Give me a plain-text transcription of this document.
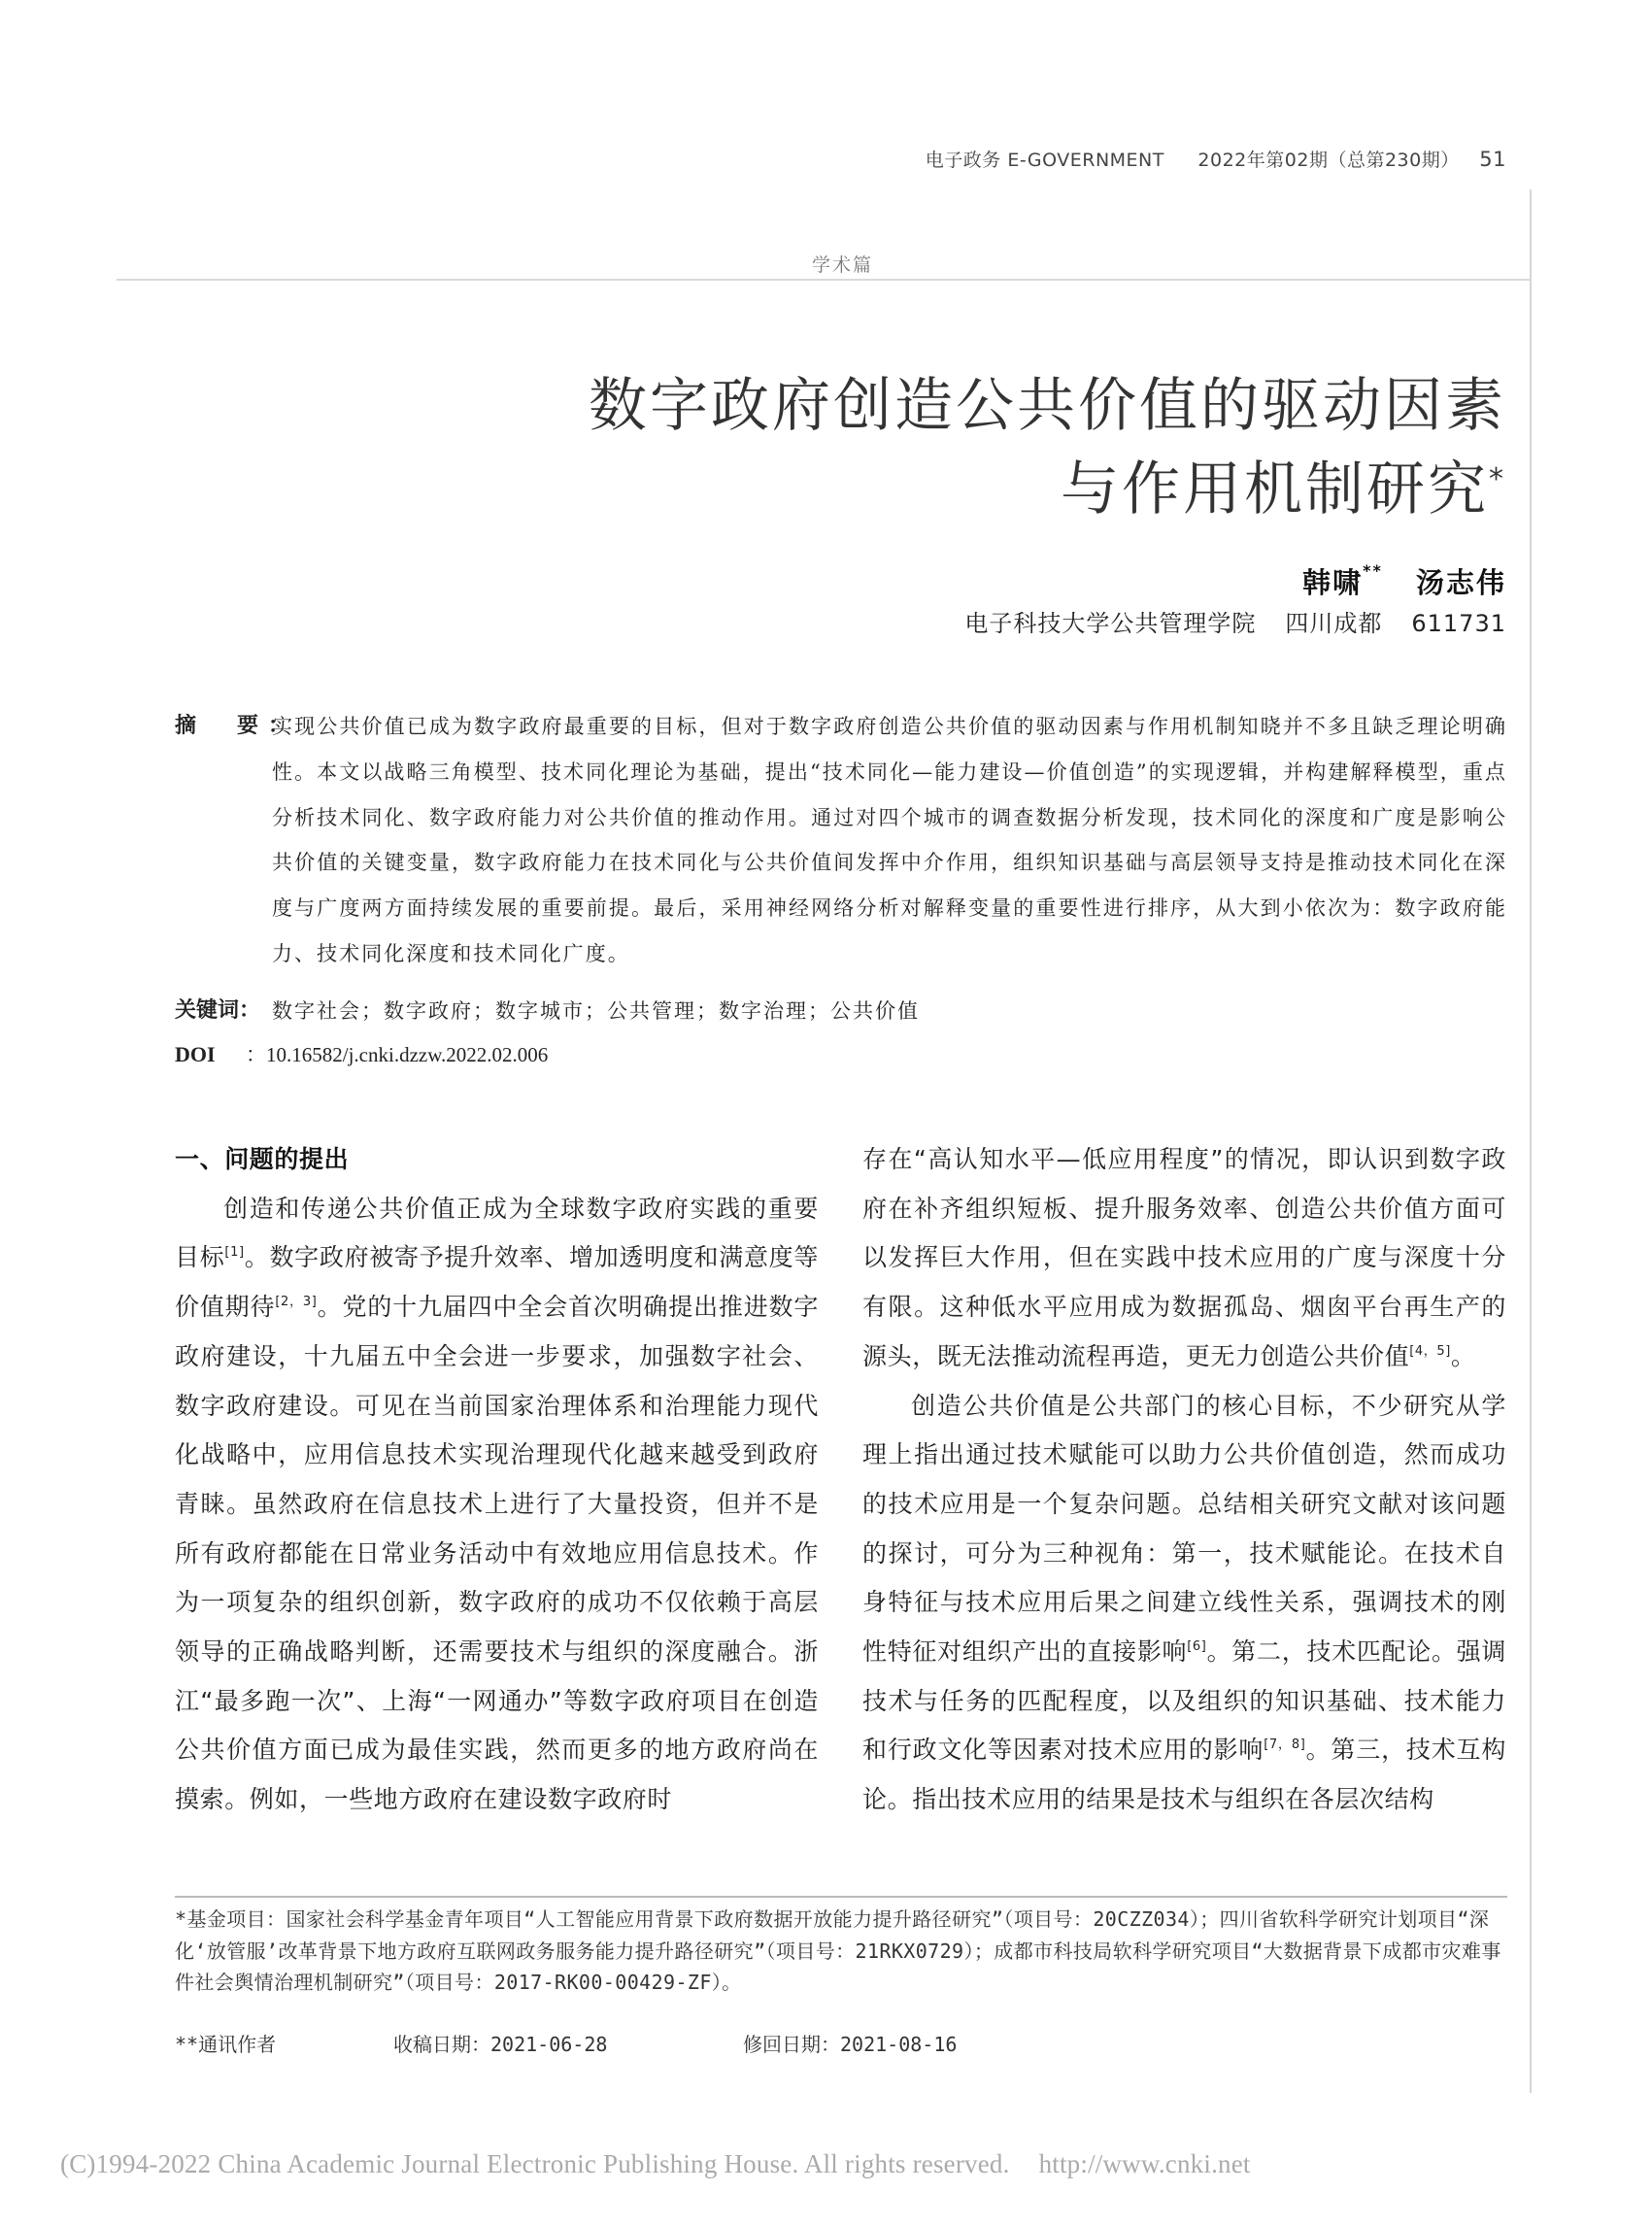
电子政务 E-GOVERNMENT 2022年第02期（总第230期） 51
学术篇
数字政府创造公共价值的驱动因素
与作用机制研究*
韩啸** 汤志伟
电子科技大学公共管理学院 四川成都 611731
摘　要：
实现公共价值已成为数字政府最重要的目标，但对于数字政府创造公共价值的驱动因素与作用机制知晓并不多且缺乏理论明确性。本文以战略三角模型、技术同化理论为基础，提出“技术同化—能力建设—价值创造”的实现逻辑，并构建解释模型，重点分析技术同化、数字政府能力对公共价值的推动作用。通过对四个城市的调查数据分析发现，技术同化的深度和广度是影响公共价值的关键变量，数字政府能力在技术同化与公共价值间发挥中介作用，组织知识基础与高层领导支持是推动技术同化在深度与广度两方面持续发展的重要前提。最后，采用神经网络分析对解释变量的重要性进行排序，从大到小依次为：数字政府能力、技术同化深度和技术同化广度。
关键词： 数字社会；数字政府；数字城市；公共管理；数字治理；公共价值
DOI ：10.16582/j.cnki.dzzw.2022.02.006
一、问题的提出

创造和传递公共价值正成为全球数字政府实践的重要目标[1]。数字政府被寄予提升效率、增加透明度和满意度等价值期待[2，3]。党的十九届四中全会首次明确提出推进数字政府建设，十九届五中全会进一步要求，加强数字社会、数字政府建设。可见在当前国家治理体系和治理能力现代化战略中，应用信息技术实现治理现代化越来越受到政府青睐。虽然政府在信息技术上进行了大量投资，但并不是所有政府都能在日常业务活动中有效地应用信息技术。作为一项复杂的组织创新，数字政府的成功不仅依赖于高层领导的正确战略判断，还需要技术与组织的深度融合。浙江“最多跑一次”、上海“一网通办”等数字政府项目在创造公共价值方面已成为最佳实践，然而更多的地方政府尚在摸索。例如，一些地方政府在建设数字政府时

存在“高认知水平—低应用程度”的情况，即认识到数字政府在补齐组织短板、提升服务效率、创造公共价值方面可以发挥巨大作用，但在实践中技术应用的广度与深度十分有限。这种低水平应用成为数据孤岛、烟囱平台再生产的源头，既无法推动流程再造，更无力创造公共价值[4，5]。

创造公共价值是公共部门的核心目标，不少研究从学理上指出通过技术赋能可以助力公共价值创造，然而成功的技术应用是一个复杂问题。总结相关研究文献对该问题的探讨，可分为三种视角：第一，技术赋能论。在技术自身特征与技术应用后果之间建立线性关系，强调技术的刚性特征对组织产出的直接影响[6]。第二，技术匹配论。强调技术与任务的匹配程度，以及组织的知识基础、技术能力和行政文化等因素对技术应用的影响[7，8]。第三，技术互构论。指出技术应用的结果是技术与组织在各层次结构

*基金项目：国家社会科学基金青年项目“人工智能应用背景下政府数据开放能力提升路径研究”（项目号：20CZZ034）；四川省软科学研究计划项目“深化‘放管服’改革背景下地方政府互联网政务服务能力提升路径研究”（项目号：21RKX0729）；成都市科技局软科学研究项目“大数据背景下成都市灾难事件社会舆情治理机制研究”（项目号：2017-RK00-00429-ZF）。

**通讯作者	收稿日期：2021-06-28	修回日期：2021-08-16
(C)1994-2022 China Academic Journal Electronic Publishing House. All rights reserved. http://www.cnki.net
